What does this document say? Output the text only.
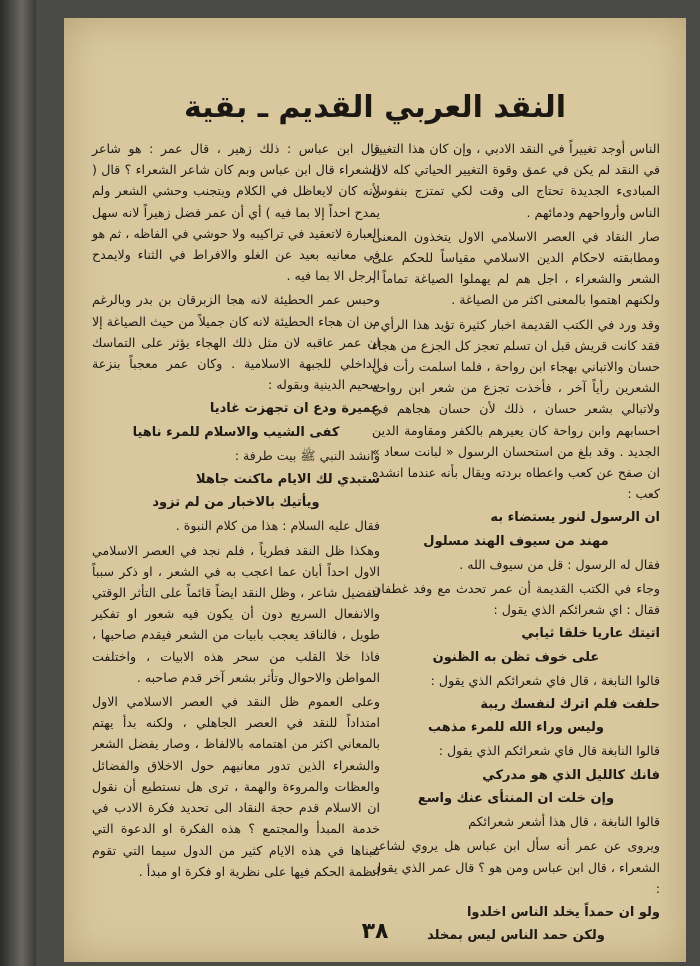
النقد العربي القديم ـ بقية

الناس أوجد تغييراً في النقد الادبي ، وإن كان هذا التغيير في النقد لم يكن في عمق وقوة التغيير الحياتي كله لان المبادىء الجديدة تحتاج الى وقت لكي تمتزج بنفوس الناس وأرواحهم ودمائهم .

صار النقاد في العصر الاسلامي الاول يتخذون المعنى ومطابقته لاحكام الدين الاسلامي مقياساً للحكم على الشعر والشعراء ، اجل هم لم يهملوا الصياغة تماماً ، ولكنهم اهتموا بالمعنى اكثر من الصياغة .

وقد ورد في الكتب القديمة اخبار كثيرة تؤيد هذا الرأي ، فقد كانت قريش قبل ان تسلم تعجز كل الجزع من هجاء حسان والاتباني بهجاء ابن رواحة ، فلما اسلمت رأت في الشعرين رأياً آخر ، فأخذت تجزع من شعر ابن رواحة ولاتبالي بشعر حسان ، ذلك لأن حسان هجاهم في احسابهم وابن رواحة كان يعيرهم بالكفر ومقاومة الدين الجديد . وقد بلغ من استحسان الرسول « لبانت سعاد » ان صفح عن كعب واعطاه بردته ويقال بأنه عندما انشده كعب :

ان الرسول لنور يستضاء به
مهند من سيوف الهند مسلول

فقال له الرسول : قل من سيوف الله .

وجاء في الكتب القديمة أن عمر تحدث مع وفد غطفان فقال : اي شعرائكم الذي يقول :

اتيتك عاريا خلقا ثيابي
على خوف تظن به الظنون

قالوا النابغة ، قال فاي شعرائكم الذي يقول :

حلفت فلم اترك لنفسك ريبة
وليس وراء الله للمرء مذهب

قالوا النابغة قال فاي شعرائكم الذي يقول :

فانك كالليل الذي هو مدركي
وإن خلت ان المنتأى عنك واسع

قالوا النابغة ، قال هذا أشعر شعرائكم

ويروى عن عمر أنه سأل ابن عباس هل يروي لشاعر الشعراء ، قال ابن عباس ومن هو ؟ قال عمر الذي يقول :

ولو ان حمداً يخلد الناس اخلدوا
ولكن حمد الناس ليس بمخلد

قال ابن عباس : ذلك زهير ، قال عمر : هو شاعر الشعراء قال ابن عباس وبم كان شاعر الشعراء ؟ قال ( لأنه كان لايعاظل في الكلام ويتجنب وحشي الشعر ولم يمدح احداً إلا بما فيه ) أي أن عمر فضل زهيراً لانه سهل العبارة لاتعقيد في تراكيبه ولا حوشي في الفاظه ، ثم هو في معانيه بعيد عن الغلو والافراط في الثناء ولايمدح الرجل الا بما فيه .

وحبس عمر الحطيئة لانه هجا الزبرقان بن بدر وبالرغم من ان هجاء الحطيئة لانه كان جميلاً من حيث الصياغة إلا ان عمر عاقبه لان مثل ذلك الهجاء يؤثر على التماسك الداخلي للجبهة الاسلامية . وكان عمر معجباً بنزعة سحيم الدينية وبقوله :

عميرة ودع ان تجهزت غاديا
كفى الشيب والاسلام للمرء ناهيا

وانشد النبي ﷺ بيت طرفة :

ستبدي لك الايام ماكنت جاهلا
ويأتيك بالاخبار من لم تزود

فقال عليه السلام : هذا من كلام النبوة .

وهكذا ظل النقد فطرياً ، فلم نجد في العصر الاسلامي الاول احداً أبان عما اعجب به في الشعر ، او ذكر سبباً لتفضيل شاعر ، وظل النقد ايضاً قائماً على التأثر الوقتي والانفعال السريع دون أن يكون فيه شعور او تفكير طويل ، فالناقد يعجب بابيات من الشعر فيقدم صاحبها ، فاذا خلا القلب من سحر هذه الابيات ، واختلفت المواطن والاحوال وتأثر بشعر آخر قدم صاحبه .

وعلى العموم ظل النقد في العصر الاسلامي الاول امتداداً للنقد في العصر الجاهلي ، ولكنه بدأ يهتم بالمعاني اكثر من اهتمامه بالالفاظ ، وصار يفضل الشعر والشعراء الذين تدور معانيهم حول الاخلاق والفضائل والعظات والمروءة والهمة ، ترى هل نستطيع أن نقول ان الاسلام قدم حجة النقاد الى تحديد فكرة الادب في خدمة المبدأ والمجتمع ؟ هذه الفكرة او الدعوة التي تتبناها في هذه الايام كثير من الدول سيما التي تقوم انظمة الحكم فيها على نظرية او فكرة او مبدأ .

٣٨
